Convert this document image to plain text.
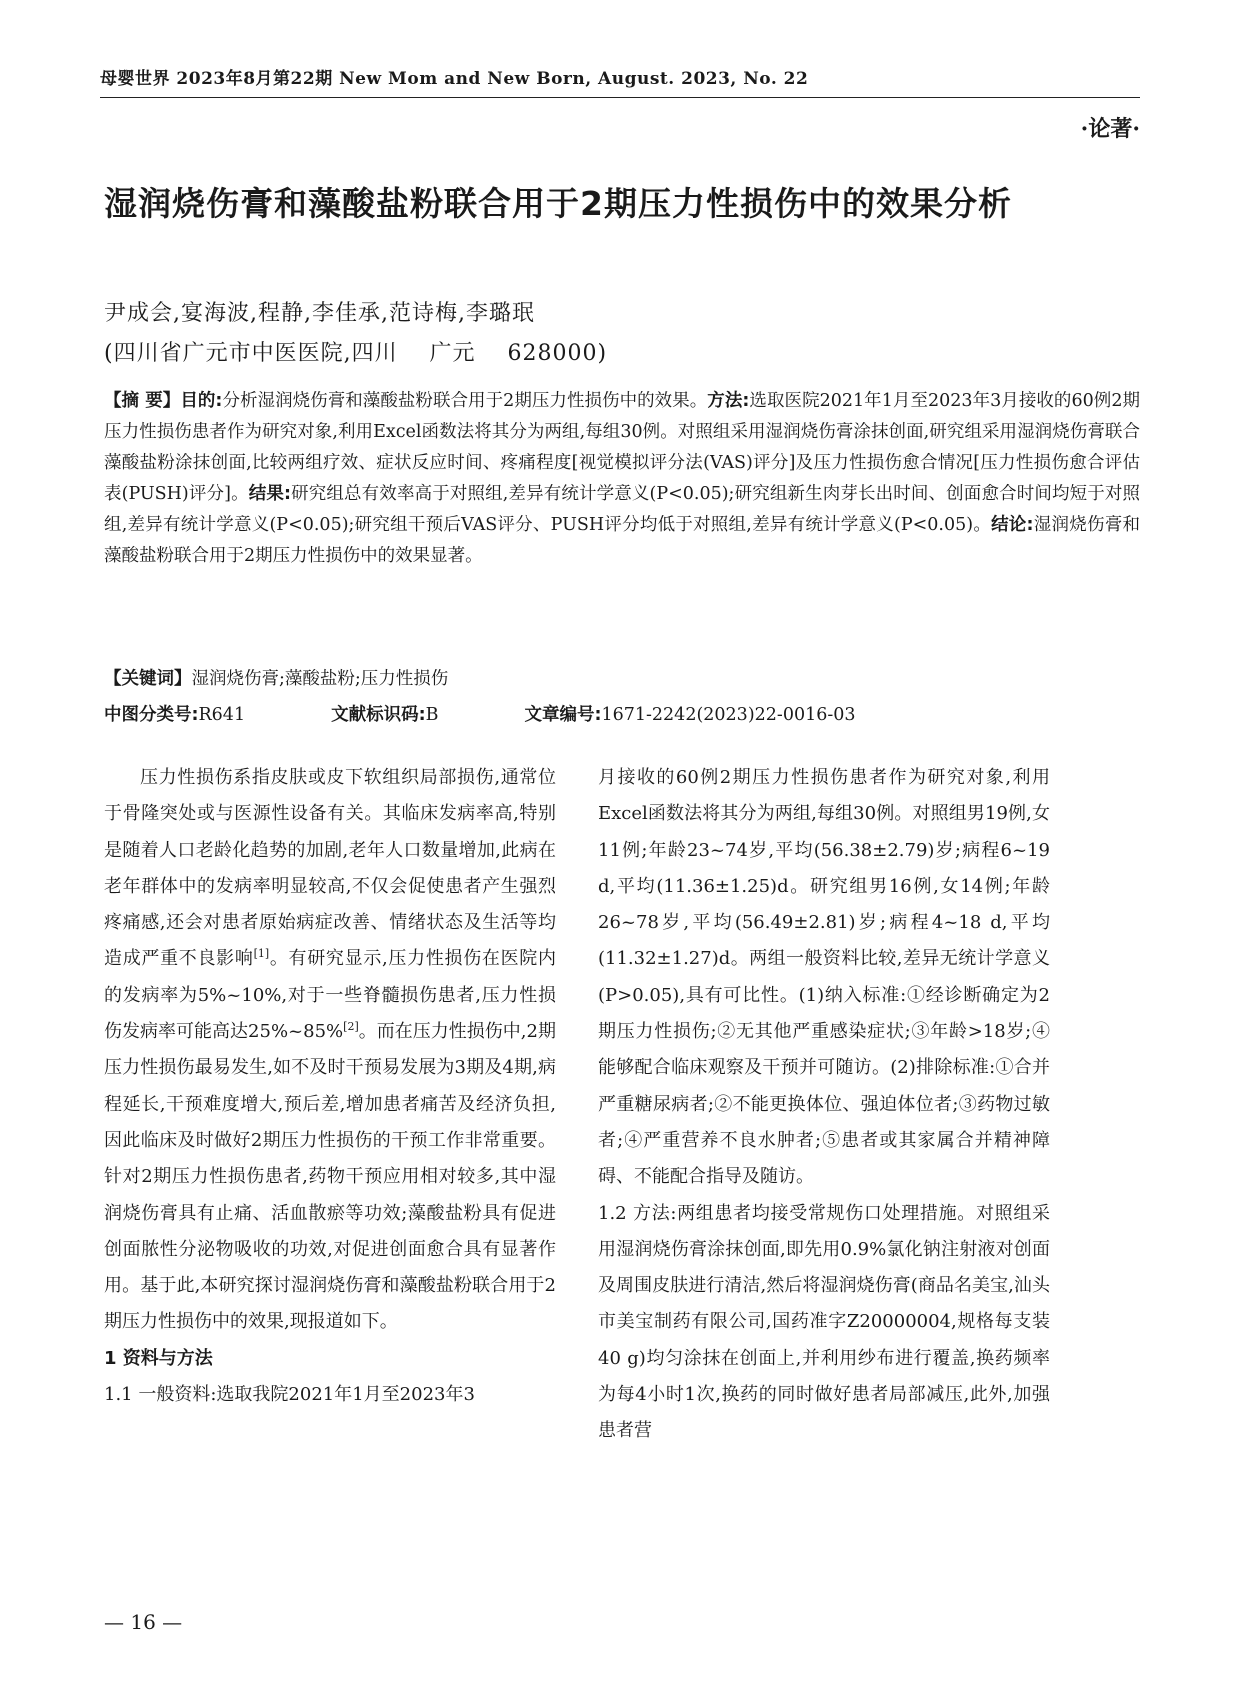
母婴世界 2023年8月第22期 New Mom and New Born, August. 2023, No. 22
·论著·
湿润烧伤膏和藻酸盐粉联合用于2期压力性损伤中的效果分析
尹成会,宴海波,程静,李佳承,范诗梅,李璐珉
(四川省广元市中医医院,四川    广元    628000)
【摘 要】目的:分析湿润烧伤膏和藻酸盐粉联合用于2期压力性损伤中的效果。方法:选取医院2021年1月至2023年3月接收的60例2期压力性损伤患者作为研究对象,利用Excel函数法将其分为两组,每组30例。对照组采用湿润烧伤膏涂抹创面,研究组采用湿润烧伤膏联合藻酸盐粉涂抹创面,比较两组疗效、症状反应时间、疼痛程度[视觉模拟评分法(VAS)评分]及压力性损伤愈合情况[压力性损伤愈合评估表(PUSH)评分]。结果:研究组总有效率高于对照组,差异有统计学意义(P<0.05);研究组新生肉芽长出时间、创面愈合时间均短于对照组,差异有统计学意义(P<0.05);研究组干预后VAS评分、PUSH评分均低于对照组,差异有统计学意义(P<0.05)。结论:湿润烧伤膏和藻酸盐粉联合用于2期压力性损伤中的效果显著。
【关键词】湿润烧伤膏;藻酸盐粉;压力性损伤
中图分类号:R641	文献标识码:B	文章编号:1671-2242(2023)22-0016-03

压力性损伤系指皮肤或皮下软组织局部损伤,通常位于骨隆突处或与医源性设备有关。其临床发病率高,特别是随着人口老龄化趋势的加剧,老年人口数量增加,此病在老年群体中的发病率明显较高,不仅会促使患者产生强烈疼痛感,还会对患者原始病症改善、情绪状态及生活等均造成严重不良影响[1]。有研究显示,压力性损伤在医院内的发病率为5%~10%,对于一些脊髓损伤患者,压力性损伤发病率可能高达25%~85%[2]。而在压力性损伤中,2期压力性损伤最易发生,如不及时干预易发展为3期及4期,病程延长,干预难度增大,预后差,增加患者痛苦及经济负担,因此临床及时做好2期压力性损伤的干预工作非常重要。针对2期压力性损伤患者,药物干预应用相对较多,其中湿润烧伤膏具有止痛、活血散瘀等功效;藻酸盐粉具有促进创面脓性分泌物吸收的功效,对促进创面愈合具有显著作用。基于此,本研究探讨湿润烧伤膏和藻酸盐粉联合用于2期压力性损伤中的效果,现报道如下。

1 资料与方法

1.1 一般资料:选取我院2021年1月至2023年3

月接收的60例2期压力性损伤患者作为研究对象,利用Excel函数法将其分为两组,每组30例。对照组男19例,女11例;年龄23~74岁,平均(56.38±2.79)岁;病程6~19 d,平均(11.36±1.25)d。研究组男16例,女14例;年龄26~78岁,平均(56.49±2.81)岁;病程4~18 d,平均(11.32±1.27)d。两组一般资料比较,差异无统计学意义(P>0.05),具有可比性。(1)纳入标准:①经诊断确定为2期压力性损伤;②无其他严重感染症状;③年龄>18岁;④能够配合临床观察及干预并可随访。(2)排除标准:①合并严重糖尿病者;②不能更换体位、强迫体位者;③药物过敏者;④严重营养不良水肿者;⑤患者或其家属合并精神障碍、不能配合指导及随访。

1.2 方法:两组患者均接受常规伤口处理措施。对照组采用湿润烧伤膏涂抹创面,即先用0.9%氯化钠注射液对创面及周围皮肤进行清洁,然后将湿润烧伤膏(商品名美宝,汕头市美宝制药有限公司,国药准字Z20000004,规格每支装40 g)均匀涂抹在创面上,并利用纱布进行覆盖,换药频率为每4小时1次,换药的同时做好患者局部减压,此外,加强患者营

— 16 —
